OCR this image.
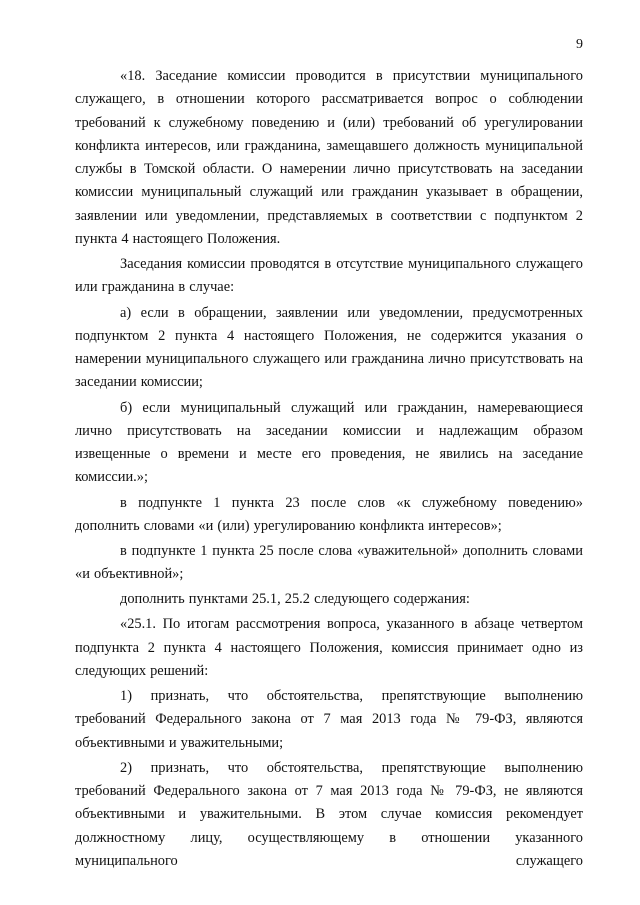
9

«18. Заседание комиссии проводится в присутствии муниципального служащего, в отношении которого рассматривается вопрос о соблюдении требований к служебному поведению и (или) требований об урегулировании конфликта интересов, или гражданина, замещавшего должность муниципальной службы в Томской области. О намерении лично присутствовать на заседании комиссии муниципальный служащий или гражданин указывает в обращении, заявлении или уведомлении, представляемых в соответствии с подпунктом 2 пункта 4 настоящего Положения.

Заседания комиссии проводятся в отсутствие муниципального служащего или гражданина в случае:

а) если в обращении, заявлении или уведомлении, предусмотренных подпунктом 2 пункта 4 настоящего Положения, не содержится указания о намерении муниципального служащего или гражданина лично присутствовать на заседании комиссии;

б) если муниципальный служащий или гражданин, намеревающиеся лично присутствовать на заседании комиссии и надлежащим образом извещенные о времени и месте его проведения, не явились на заседание комиссии.»;

в подпункте 1 пункта 23 после слов «к служебному поведению» дополнить словами «и (или) урегулированию конфликта интересов»;

в подпункте 1 пункта 25 после слова «уважительной» дополнить словами «и объективной»;

дополнить пунктами 25.1, 25.2 следующего содержания:

«25.1. По итогам рассмотрения вопроса, указанного в абзаце четвертом подпункта 2 пункта 4 настоящего Положения, комиссия принимает одно из следующих решений:

1) признать, что обстоятельства, препятствующие выполнению требований Федерального закона от 7 мая 2013 года № 79-ФЗ, являются объективными и уважительными;

2) признать, что обстоятельства, препятствующие выполнению требований Федерального закона от 7 мая 2013 года № 79-ФЗ, не являются объективными и уважительными. В этом случае комиссия рекомендует должностному лицу, осуществляющему в отношении указанного муниципального служащего
